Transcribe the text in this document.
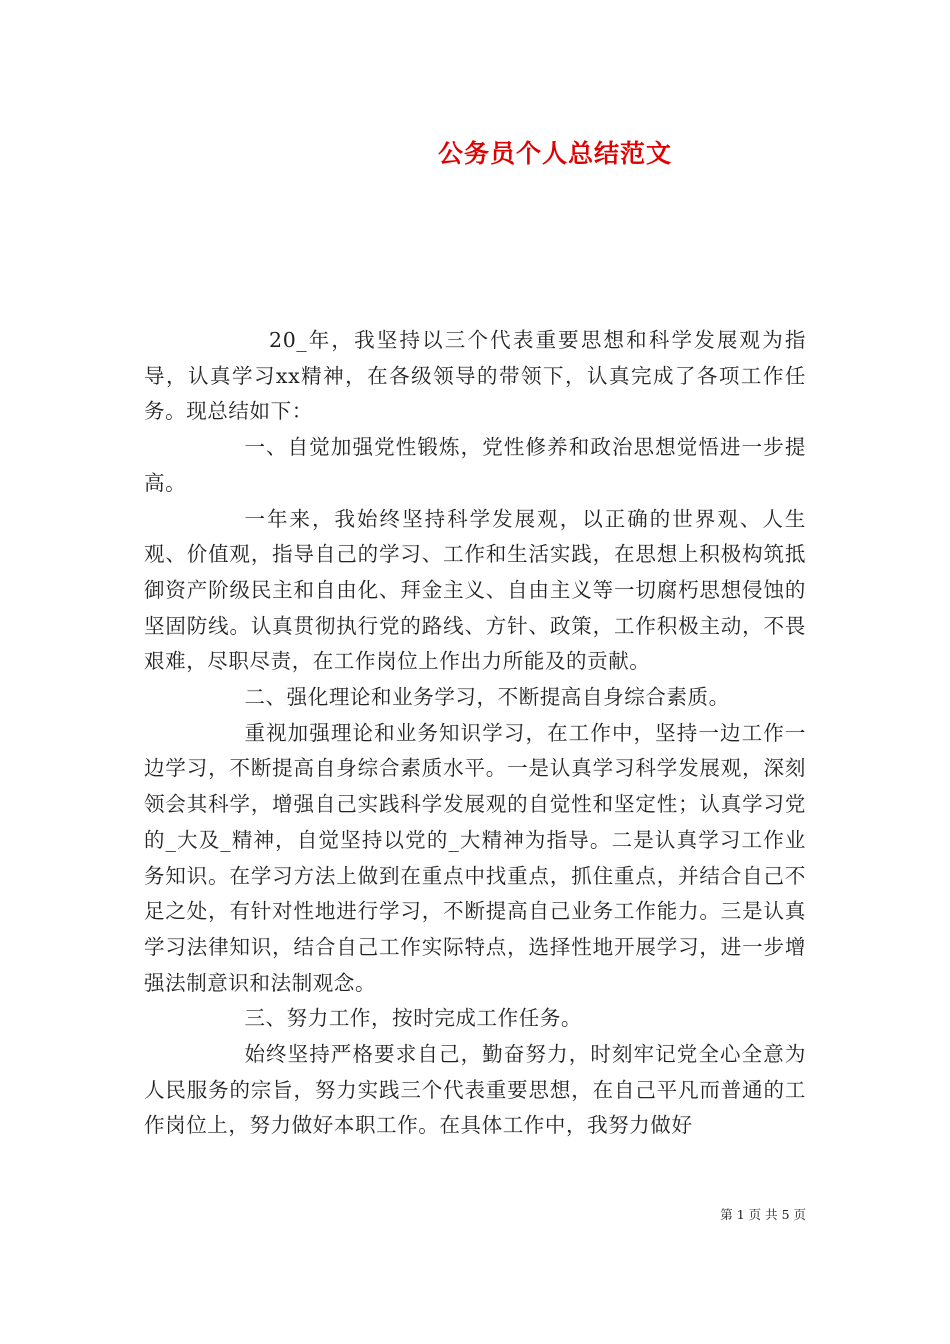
公务员个人总结范文

20_年，我坚持以三个代表重要思想和科学发展观为指导，认真学习xx精神，在各级领导的带领下，认真完成了各项工作任务。现总结如下：

一、自觉加强党性锻炼，党性修养和政治思想觉悟进一步提高。

一年来，我始终坚持科学发展观，以正确的世界观、人生观、价值观，指导自己的学习、工作和生活实践，在思想上积极构筑抵御资产阶级民主和自由化、拜金主义、自由主义等一切腐朽思想侵蚀的坚固防线。认真贯彻执行党的路线、方针、政策，工作积极主动，不畏艰难，尽职尽责，在工作岗位上作出力所能及的贡献。

二、强化理论和业务学习，不断提高自身综合素质。

重视加强理论和业务知识学习，在工作中，坚持一边工作一边学习，不断提高自身综合素质水平。一是认真学习科学发展观，深刻领会其科学，增强自己实践科学发展观的自觉性和坚定性；认真学习党的_大及_精神，自觉坚持以党的_大精神为指导。二是认真学习工作业务知识。在学习方法上做到在重点中找重点，抓住重点，并结合自己不足之处，有针对性地进行学习，不断提高自己业务工作能力。三是认真学习法律知识，结合自己工作实际特点，选择性地开展学习，进一步增强法制意识和法制观念。

三、努力工作，按时完成工作任务。

始终坚持严格要求自己，勤奋努力，时刻牢记党全心全意为人民服务的宗旨，努力实践三个代表重要思想，在自己平凡而普通的工作岗位上，努力做好本职工作。在具体工作中，我努力做好

第 1 页 共 5 页
